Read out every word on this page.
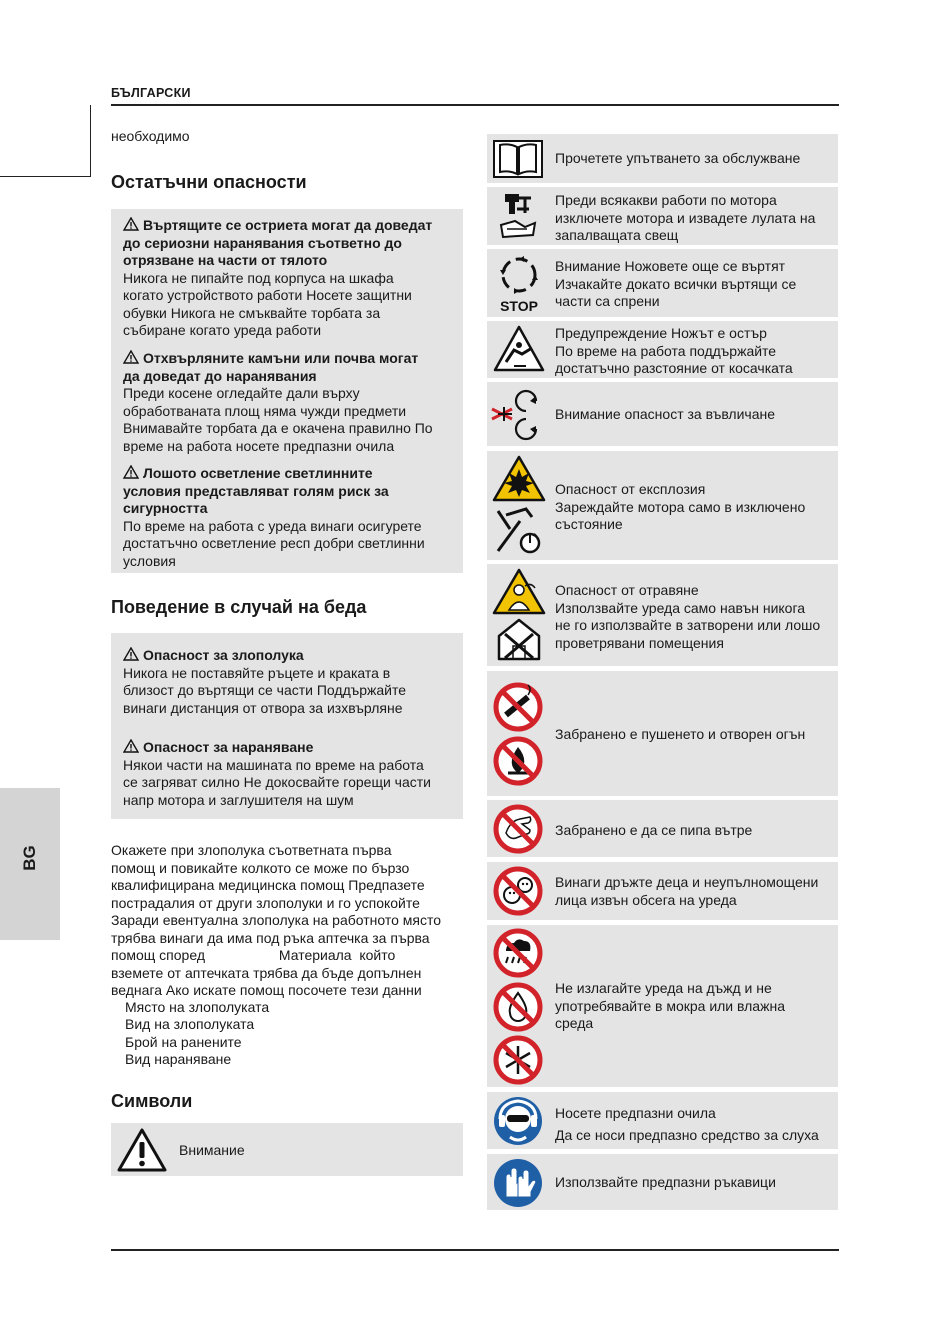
БЪЛГАРСКИ
BG
необходимо
Остатъчни опасности
Въртящите се остриета могат да доведат
до сериозни наранявания съответно до
отрязване на части от тялото
Никога не пипайте под корпуса на шкафа
когато устройството работи Носете защитни
обувки Никога не смъквайте торбата за
събиране когато уреда работи
Отхвърляните камъни или почва могат
да доведат до наранявания
Преди косене огледайте дали върху
обработваната площ няма чужди предмети
Внимавайте торбата да е окачена правилно По
време на работа носете предпазни очила
Лошото осветление светлинните
условия представляват голям риск за
сигурността
По време на работа с уреда винаги осигурете
достатъчно осветление респ добри светлинни
условия
Поведение в случай на беда
Опасност за злополука
Никога не поставяйте ръцете и краката в
близост до въртящи се части Поддържайте
винаги дистанция от отвора за изхвърляне
Опасност за нараняване
Някои части на машината по време на работа
се загряват силно Не докосвайте горещи части
напр мотора и заглушителя на шум
Окажете при злополука съответната първа
помощ и повикайте колкото се може по бързо
квалифицирана медицинска помощ Предпазете
пострадалия от други злополуки и го успокойте
Заради евентуална злополука на работното място
трябва винаги да има под ръка аптечка за първа
помощ според                   Материала  който
вземете от аптечката трябва да бъде допълнен
веднага Ако искате помощ посочете тези данни
Място на злополуката
Вид на злополуката
Брой на ранените
Вид нараняване
Символи
Внимание
Прочетете упътването за обслужване
Преди всякакви работи по мотора
изключете мотора и извадете лулата на
запалващата свещ
STOP
Внимание Ножовете още се въртят
Изчакайте докато всички въртящи се
части са спрени
Предупреждение Ножът е остър
По време на работа поддържайте
достатъчно разстояние от косачката
Внимание опасност за въвличане
Опасност от експлозия
Зареждайте мотора само в изключено
състояние
Опасност от отравяне
Използвайте уреда само навън никога
не го използвайте в затворени или лошо
проветрявани помещения
Забранено е пушенето и отворен огън
Забранено е да се пипа вътре
Винаги дръжте деца и неупълномощени
лица извън обсега на уреда
Не излагайте уреда на дъжд и не
употребявайте в мокра или влажна
среда
Носете предпазни очила
Да се носи предпазно средство за слуха
Използвайте предпазни ръкавици
